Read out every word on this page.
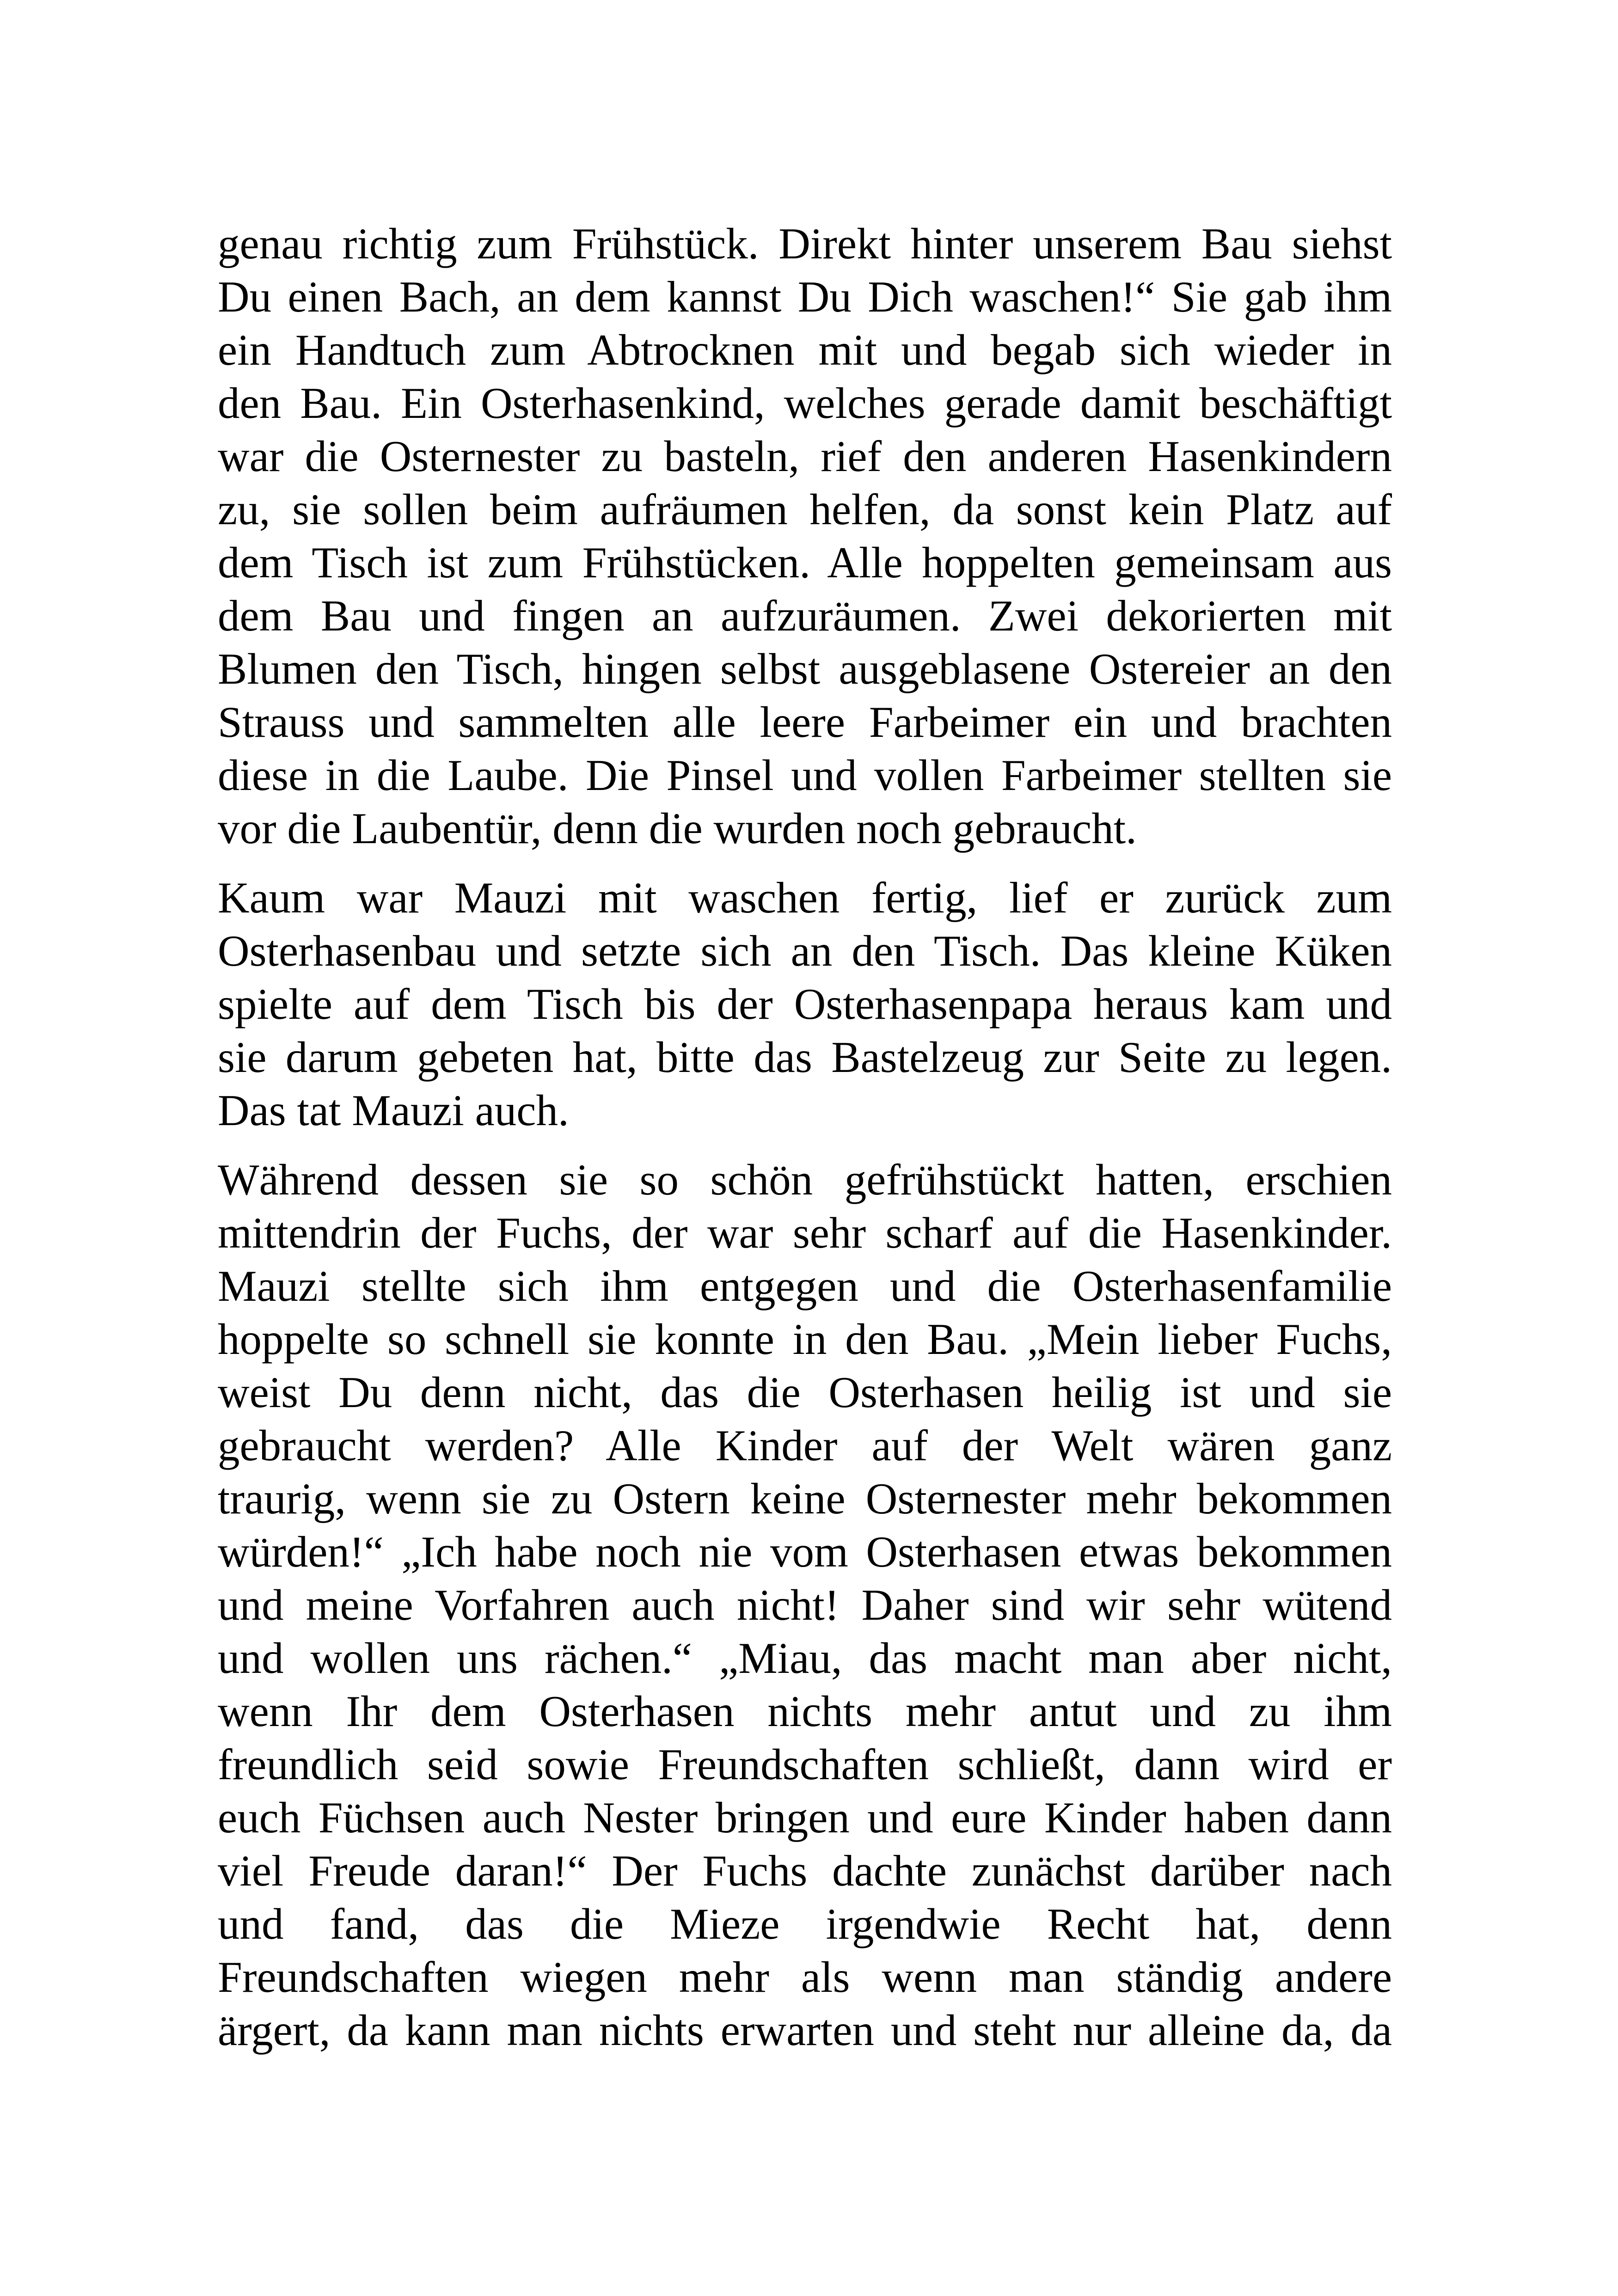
genau richtig zum Frühstück. Direkt hinter unserem Bau siehst
Du einen Bach, an dem kannst Du Dich waschen!“ Sie gab ihm
ein Handtuch zum Abtrocknen mit und begab sich wieder in
den Bau. Ein Osterhasenkind, welches gerade damit beschäftigt
war die Osternester zu basteln, rief den anderen Hasenkindern
zu, sie sollen beim aufräumen helfen, da sonst kein Platz auf
dem Tisch ist zum Frühstücken. Alle hoppelten gemeinsam aus
dem Bau und fingen an aufzuräumen. Zwei dekorierten mit
Blumen den Tisch, hingen selbst ausgeblasene Ostereier an den
Strauss und sammelten alle leere Farbeimer ein und brachten
diese in die Laube. Die Pinsel und vollen Farbeimer stellten sie
vor die Laubentür, denn die wurden noch gebraucht.
Kaum war Mauzi mit waschen fertig, lief er zurück zum
Osterhasenbau und setzte sich an den Tisch. Das kleine Küken
spielte auf dem Tisch bis der Osterhasenpapa heraus kam und
sie darum gebeten hat, bitte das Bastelzeug zur Seite zu legen.
Das tat Mauzi auch.
Während dessen sie so schön gefrühstückt hatten, erschien
mittendrin der Fuchs, der war sehr scharf auf die Hasenkinder.
Mauzi stellte sich ihm entgegen und die Osterhasenfamilie
hoppelte so schnell sie konnte in den Bau. „Mein lieber Fuchs,
weist Du denn nicht, das die Osterhasen heilig ist und sie
gebraucht werden? Alle Kinder auf der Welt wären ganz
traurig, wenn sie zu Ostern keine Osternester mehr bekommen
würden!“ „Ich habe noch nie vom Osterhasen etwas bekommen
und meine Vorfahren auch nicht! Daher sind wir sehr wütend
und wollen uns rächen.“ „Miau, das macht man aber nicht,
wenn Ihr dem Osterhasen nichts mehr antut und zu ihm
freundlich seid sowie Freundschaften schließt, dann wird er
euch Füchsen auch Nester bringen und eure Kinder haben dann
viel Freude daran!“ Der Fuchs dachte zunächst darüber nach
und fand, das die Mieze irgendwie Recht hat, denn
Freundschaften wiegen mehr als wenn man ständig andere
ärgert, da kann man nichts erwarten und steht nur alleine da, da
